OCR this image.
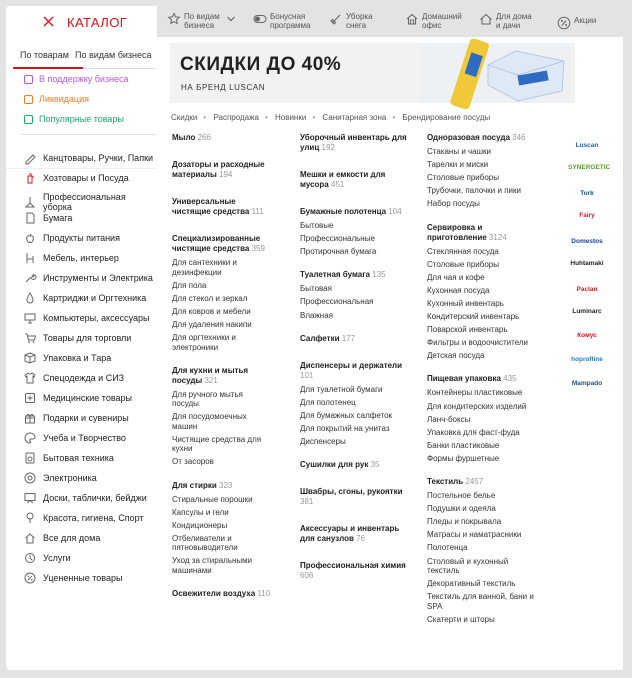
По видам
бизнеса
Бонусная
программа
Уборка
снега
Домашний
офис
Для дома
и дачи
Акции
КАТАЛОГ
По товарам По видам бизнеса
В поддержку бизнеса
Ликвидация
Популярные товары
Канцтовары, Ручки, Папки
Хозтовары и Посуда
Профессиональная уборка
Бумага
Продукты питания
Мебель, интерьер
Инструменты и Электрика
Картриджи и Оргтехника
Компьютеры, аксессуары
Товары для торговли
Упаковка и Тара
Спецодежда и СИЗ
Медицинские товары
Подарки и сувениры
Учеба и Творчество
Бытовая техника
Электроника
Доски, таблички, бейджи
Красота, гигиена, Спорт
Все для дома
Услуги
Уцененные товары
СКИДКИ ДО 40%
НА БРЕНД LUSCAN
Скидки • Распродажа • Новинки • Санитарная зона • Брендирование посуды
Мыло 266
Дозаторы и расходные материалы 194
Универсальные чистящие средства 111
Специализированные чистящие средства 359
Для сантехники и дезинфекции
Для пола
Для стекол и зеркал
Для ковров и мебели
Для удаления накипи
Для оргтехники и электроники
Для кухни и мытья посуды 321
Для ручного мытья посуды
Для посудомоечных машин
Чистящие средства для кухни
От засоров
Для стирки 323
Стиральные порошки
Капсулы и гели
Кондиционеры
Отбеливатели и пятновыводители
Уход за стиральными машинами
Освежители воздуха 110
Уборочный инвентарь для улиц 192
Мешки и емкости для мусора 451
Бумажные полотенца 104
Бытовые
Профессиональные
Протирочная бумага
Туалетная бумага 135
Бытовая
Профессиональная
Влажная
Салфетки 177
Диспенсеры и держатели 101
Для туалетной бумаги
Для полотенец
Для бумажных салфеток
Для покрытий на унитаз
Диспенсеры
Сушилки для рук 35
Швабры, сгоны, рукоятки 381
Аксессуары и инвентарь для санузлов 76
Профессиональная химия 606
Одноразовая посуда 346
Стаканы и чашки
Тарелки и миски
Столовые приборы
Трубочки, палочки и пики
Набор посуды
Сервировка и приготовление 3124
Стеклянная посуда
Столовые приборы
Для чая и кофе
Кухонная посуда
Кухонный инвентарь
Кондитерский инвентарь
Поварской инвентарь
Фильтры и водоочистители
Детская посуда
Пищевая упаковка 435
Контейнеры пластиковые
Для кондитерских изделий
Ланч-боксы
Упаковка для фаст-фуда
Банки пластиковые
Формы фуршетные
Текстиль 2457
Постельное белье
Подушки и одеяла
Пледы и покрывала
Матрасы и наматрасники
Полотенца
Столовый и кухонный текстиль
Декоративный текстиль
Текстиль для ванной, бани и SPA
Скатерти и шторы
Luscan
SYNERGETIC
Tork
Fairy
Domestos
Huhtamaki
Paclan
Luminarc
Комус
hoprofline
Mampado
